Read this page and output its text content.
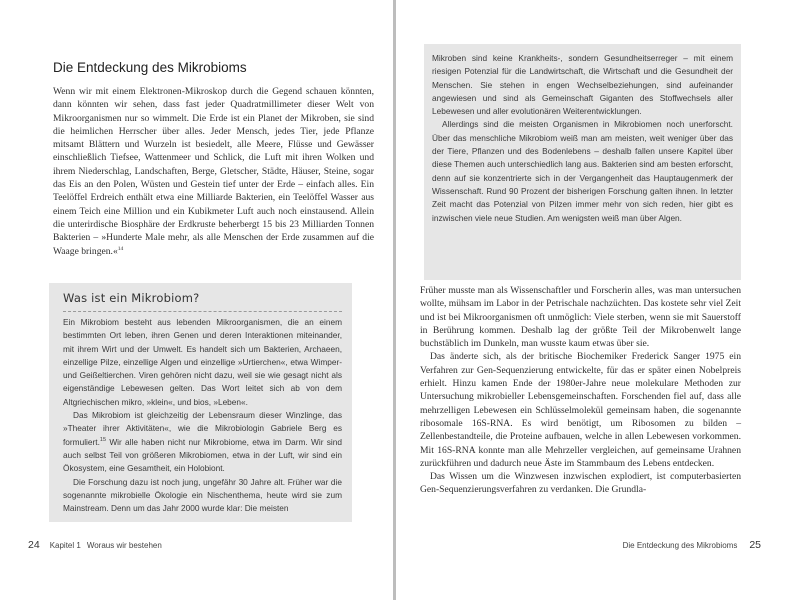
Die Entdeckung des Mikrobioms

Wenn wir mit einem Elektronen-Mikroskop durch die Gegend schauen könnten, dann könnten wir sehen, dass fast jeder Quadratmillimeter dieser Welt von Mikroorganismen nur so wimmelt. Die Erde ist ein Planet der Mikroben, sie sind die heimlichen Herrscher über alles. Jeder Mensch, jedes Tier, jede Pflanze mitsamt Blättern und Wurzeln ist besiedelt, alle Meere, Flüsse und Gewässer einschließlich Tiefsee, Wattenmeer und Schlick, die Luft mit ihren Wolken und ihrem Niederschlag, Landschaften, Berge, Gletscher, Städte, Häuser, Steine, sogar das Eis an den Polen, Wüsten und Gestein tief unter der Erde – einfach alles. Ein Teelöffel Erdreich enthält etwa eine Milliarde Bakterien, ein Teelöffel Wasser aus einem Teich eine Million und ein Kubikmeter Luft auch noch einstausend. Allein die unterirdische Biosphäre der Erdkruste beherbergt 15 bis 23 Milliarden Tonnen Bakterien – »Hunderte Male mehr, als alle Menschen der Erde zusammen auf die Waage bringen.«$^{14}$

Was ist ein Mikrobiom?

Ein Mikrobiom besteht aus lebenden Mikroorganismen, die an einem bestimmten Ort leben, ihren Genen und deren Interaktionen miteinander, mit ihrem Wirt und der Umwelt. Es handelt sich um Bakterien, Archaeen, einzellige Pilze, einzellige Algen und einzellige »Urtierchen«, etwa Wimper- und Geißeltierchen. Viren gehören nicht dazu, weil sie wie gesagt nicht als eigenständige Lebewesen gelten. Das Wort leitet sich ab von dem Altgriechischen mikro, »klein«, und bios, »Leben«.

Das Mikrobiom ist gleichzeitig der Lebensraum dieser Winzlinge, das »Theater ihrer Aktivitäten«, wie die Mikrobiologin Gabriele Berg es formuliert.$^{15}$ Wir alle haben nicht nur Mikrobiome, etwa im Darm. Wir sind auch selbst Teil von größeren Mikrobiomen, etwa in der Luft, wir sind ein Ökosystem, eine Gesamtheit, ein Holobiont.

Die Forschung dazu ist noch jung, ungefähr 30 Jahre alt. Früher war die sogenannte mikrobielle Ökologie ein Nischenthema, heute wird sie zum Mainstream. Denn um das Jahr 2000 wurde klar: Die meisten

24 Kapitel 1 Woraus wir bestehen

Mikroben sind keine Krankheits-, sondern Gesundheitserreger – mit einem riesigen Potenzial für die Landwirtschaft, die Wirtschaft und die Gesundheit der Menschen. Sie stehen in engen Wechselbeziehungen, sind aufeinander angewiesen und sind als Gemeinschaft Giganten des Stoffwechsels aller Lebewesen und aller evolutionären Weiterentwicklungen.

Allerdings sind die meisten Organismen in Mikrobiomen noch unerforscht. Über das menschliche Mikrobiom weiß man am meisten, weit weniger über das der Tiere, Pflanzen und des Bodenlebens – deshalb fallen unsere Kapitel über diese Themen auch unterschiedlich lang aus. Bakterien sind am besten erforscht, denn auf sie konzentrierte sich in der Vergangenheit das Hauptaugenmerk der Wissenschaft. Rund 90 Prozent der bisherigen Forschung galten ihnen. In letzter Zeit macht das Potenzial von Pilzen immer mehr von sich reden, hier gibt es inzwischen viele neue Studien. Am wenigsten weiß man über Algen.

Früher musste man als Wissenschaftler und Forscherin alles, was man untersuchen wollte, mühsam im Labor in der Petrischale nachzüchten. Das kostete sehr viel Zeit und ist bei Mikroorganismen oft unmöglich: Viele sterben, wenn sie mit Sauerstoff in Berührung kommen. Deshalb lag der größte Teil der Mikrobenwelt lange buchstäblich im Dunkeln, man wusste kaum etwas über sie.

Das änderte sich, als der britische Biochemiker Frederick Sanger 1975 ein Verfahren zur Gen-Sequenzierung entwickelte, für das er später einen Nobelpreis erhielt. Hinzu kamen Ende der 1980er-Jahre neue molekulare Methoden zur Untersuchung mikrobieller Lebensgemeinschaften. Forschenden fiel auf, dass alle mehrzelligen Lebewesen ein Schlüsselmolekül gemeinsam haben, die sogenannte ribosomale 16S-RNA. Es wird benötigt, um Ribosomen zu bilden – Zellenbestandteile, die Proteine aufbauen, welche in allen Lebewesen vorkommen. Mit 16S-RNA konnte man alle Mehrzeller vergleichen, auf gemeinsame Urahnen zurückführen und dadurch neue Äste im Stammbaum des Lebens entdecken.

Das Wissen um die Winzwesen inzwischen explodiert, ist computerbasierten Gen-Sequenzierungsverfahren zu verdanken. Die Grundla-

Die Entdeckung des Mikrobioms 25
